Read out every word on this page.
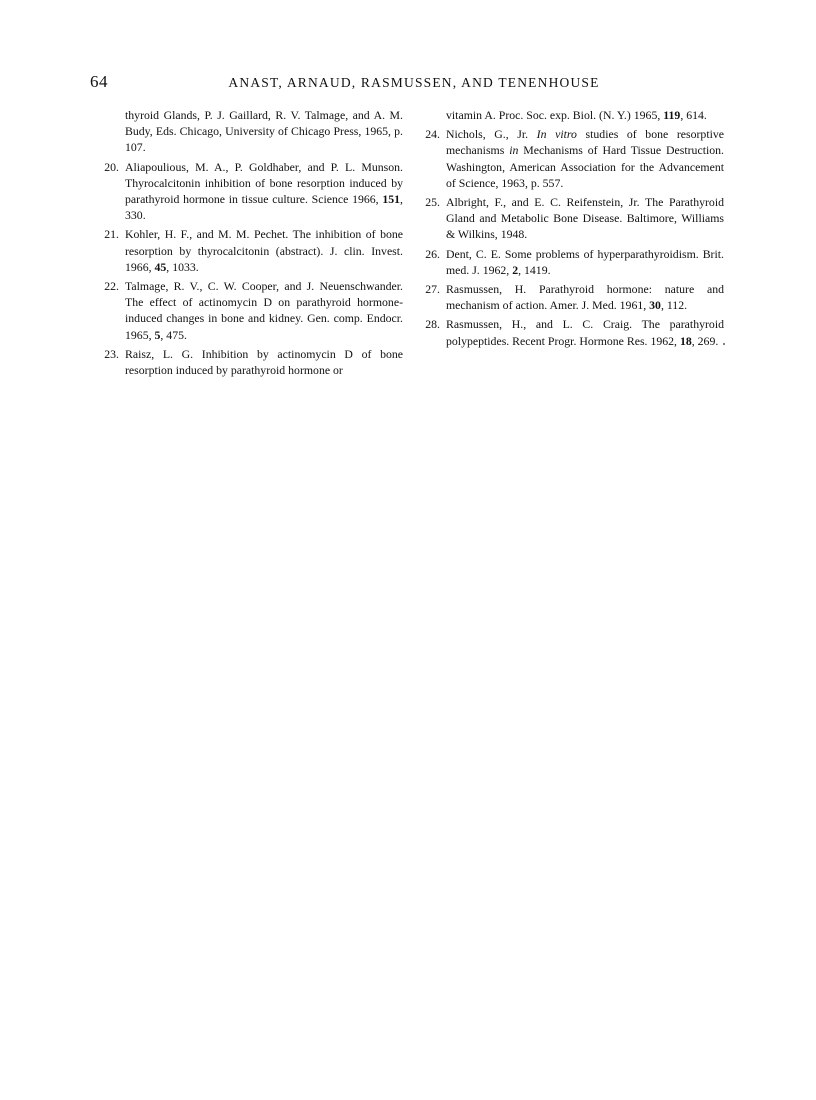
64	ANAST, ARNAUD, RASMUSSEN, AND TENENHOUSE

thyroid Glands, P. J. Gaillard, R. V. Talmage, and A. M. Budy, Eds. Chicago, University of Chicago Press, 1965, p. 107.

20 . Aliapoulious, M. A., P. Goldhaber, and P. L. Munson. Thyrocalcitonin inhibition of bone resorption induced by parathyroid hormone in tissue culture. Science 1966, 151, 330.

21 . Kohler, H. F., and M. M. Pechet. The inhibition of bone resorption by thyrocalcitonin (abstract). J. clin. Invest. 1966, 45, 1033.

22 . Talmage, R. V., C. W. Cooper, and J. Neuenschwander. The effect of actinomycin D on parathyroid hormone-induced changes in bone and kidney. Gen. comp. Endocr. 1965, 5, 475.

23 . Raisz, L. G. Inhibition by actinomycin D of bone resorption induced by parathyroid hormone or

vitamin A. Proc. Soc. exp. Biol. (N. Y.) 1965, 119, 614.

24 . Nichols, G., Jr. In vitro studies of bone resorptive mechanisms in Mechanisms of Hard Tissue Destruction. Washington, American Association for the Advancement of Science, 1963, p. 557.

25 . Albright, F., and E. C. Reifenstein, Jr. The Parathyroid Gland and Metabolic Bone Disease. Baltimore, Williams & Wilkins, 1948.

26 . Dent, C. E. Some problems of hyperparathyroidism. Brit. med. J. 1962, 2, 1419.

27 . Rasmussen, H. Parathyroid hormone: nature and mechanism of action. Amer. J. Med. 1961, 30, 112.

28 . Rasmussen, H., and L. C. Craig. The parathyroid polypeptides. Recent Progr. Hormone Res. 1962, 18, 269.
